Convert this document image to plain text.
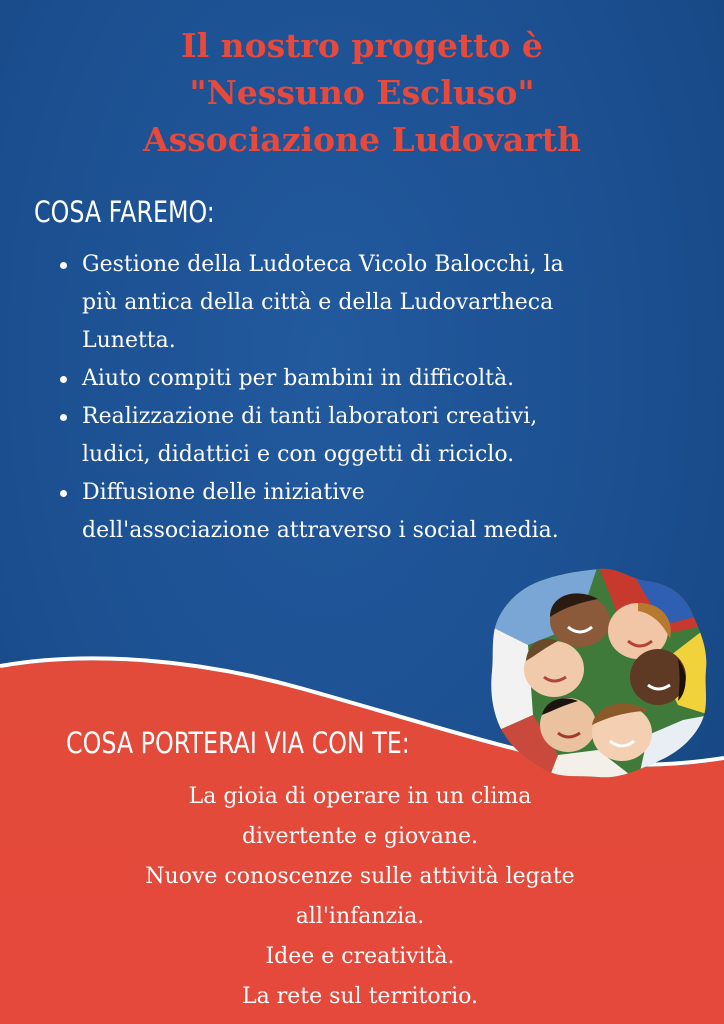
Il nostro progetto è
"Nessuno Escluso"
Associazione Ludovarth
COSA FAREMO:
Gestione della Ludoteca Vicolo Balocchi, la
più antica della città e della Ludovartheca
Lunetta.
Aiuto compiti per bambini in difficoltà.
Realizzazione di tanti laboratori creativi,
ludici, didattici e con oggetti di riciclo.
Diffusione delle iniziative
dell'associazione attraverso i social media.
COSA PORTERAI VIA CON TE:
La gioia di operare in un clima
divertente e giovane.
Nuove conoscenze sulle attività legate
all'infanzia.
Idee e creatività.
La rete sul territorio.
